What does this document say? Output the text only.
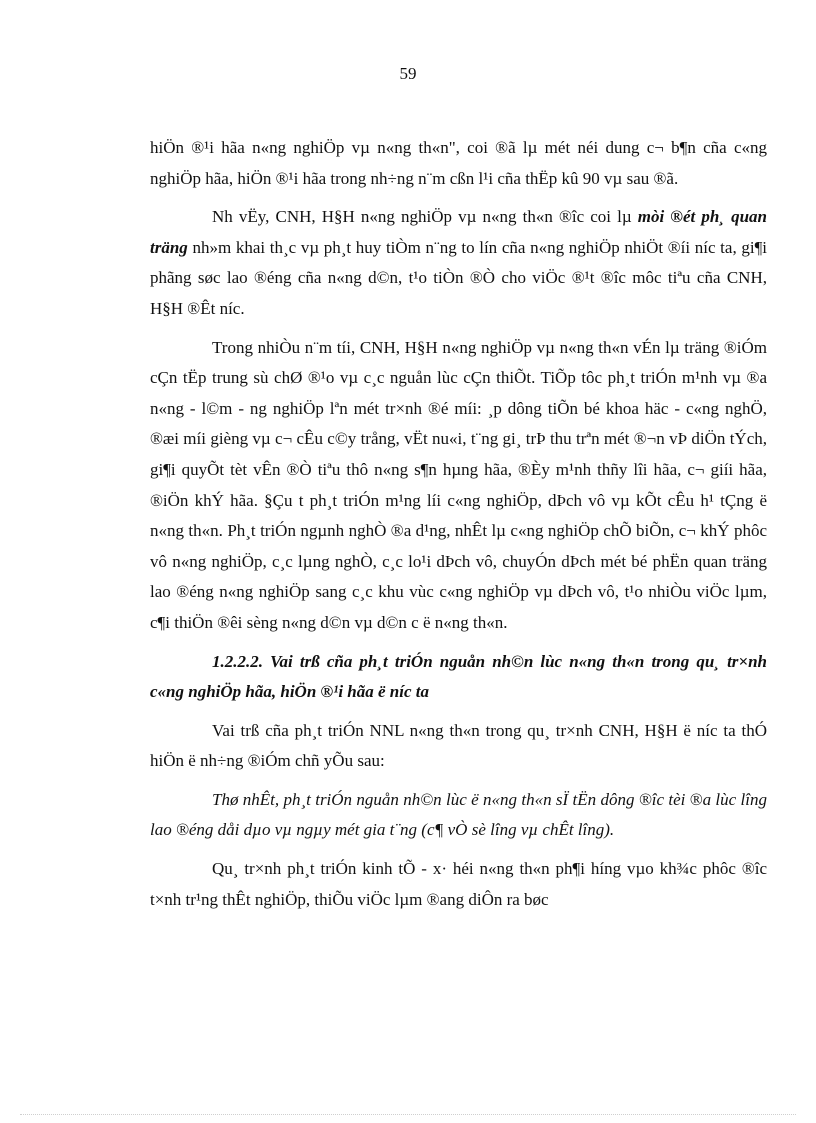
59

hiÖn ®¹i hãa n«ng nghiÖp vµ n«ng th«n", coi ®ã lµ mét néi dung c¬ b¶n cña c«ng nghiÖp hãa, hiÖn ®¹i hãa trong nh÷ng n¨m cßn l¹i cña thËp kû 90 vµ sau ®ã.

Nh vËy, CNH, H§H n«ng nghiÖp vµ n«ng th«n ®îc coi lµ mòi ®ét ph¸ quan träng nh»m khai th¸c vµ ph¸t huy tiÒm n¨ng to lín cña n«ng nghiÖp nhiÖt ®íi níc ta, gi¶i phãng søc lao ®éng cña n«ng d©n, t¹o tiÒn ®Ò cho viÖc ®¹t ®îc môc tiªu cña CNH, H§H ®Êt níc.

Trong nhiÒu n¨m tíi, CNH, H§H n«ng nghiÖp vµ n«ng th«n vÉn lµ träng ®iÓm cÇn tËp trung sù chØ ®¹o vµ c¸c nguån lùc cÇn thiÕt. TiÕp tôc ph¸t triÓn m¹nh vµ ®a n«ng - l©m - ng nghiÖp lªn mét tr×nh ®é míi: ¸p dông tiÕn bé khoa häc - c«ng nghÖ, ®æi míi gièng vµ c¬ cÊu c©y trång, vËt nu«i, t¨ng gi¸ trÞ thu trªn mét ®¬n vÞ diÖn tÝch, gi¶i quyÕt tèt vÊn ®Ò tiªu thô n«ng s¶n hµng hãa, ®Èy m¹nh thñy lîi hãa, c¬ giíi hãa, ®iÖn khÝ hãa. §Çu t ph¸t triÓn m¹ng líi c«ng nghiÖp, dÞch vô vµ kÕt cÊu h¹ tÇng ë n«ng th«n. Ph¸t triÓn ngµnh nghÒ ®a d¹ng, nhÊt lµ c«ng nghiÖp chÕ biÕn, c¬ khÝ phôc vô n«ng nghiÖp, c¸c lµng nghÒ, c¸c lo¹i dÞch vô, chuyÓn dÞch mét bé phËn quan träng lao ®éng n«ng nghiÖp sang c¸c khu vùc c«ng nghiÖp vµ dÞch vô, t¹o nhiÒu viÖc lµm, c¶i thiÖn ®êi sèng n«ng d©n vµ d©n c ë n«ng th«n.

1.2.2.2. Vai trß cña ph¸t triÓn nguån nh©n lùc n«ng th«n trong qu¸ tr×nh c«ng nghiÖp hãa, hiÖn ®¹i hãa ë níc ta

Vai trß cña ph¸t triÓn NNL n«ng th«n trong qu¸ tr×nh CNH, H§H ë níc ta thÓ hiÖn ë nh÷ng ®iÓm chñ yÕu sau:

Thø nhÊt, ph¸t triÓn nguån nh©n lùc ë n«ng th«n sÏ tËn dông ®îc tèi ®a lùc lîng lao ®éng dåi dµo vµ ngµy mét gia t¨ng (c¶ vÒ sè lîng vµ chÊt lîng).

Qu¸ tr×nh ph¸t triÓn kinh tÕ - x· héi n«ng th«n ph¶i híng vµo kh¾c phôc ®îc t×nh tr¹ng thÊt nghiÖp, thiÕu viÖc lµm ®ang diÔn ra bøc
